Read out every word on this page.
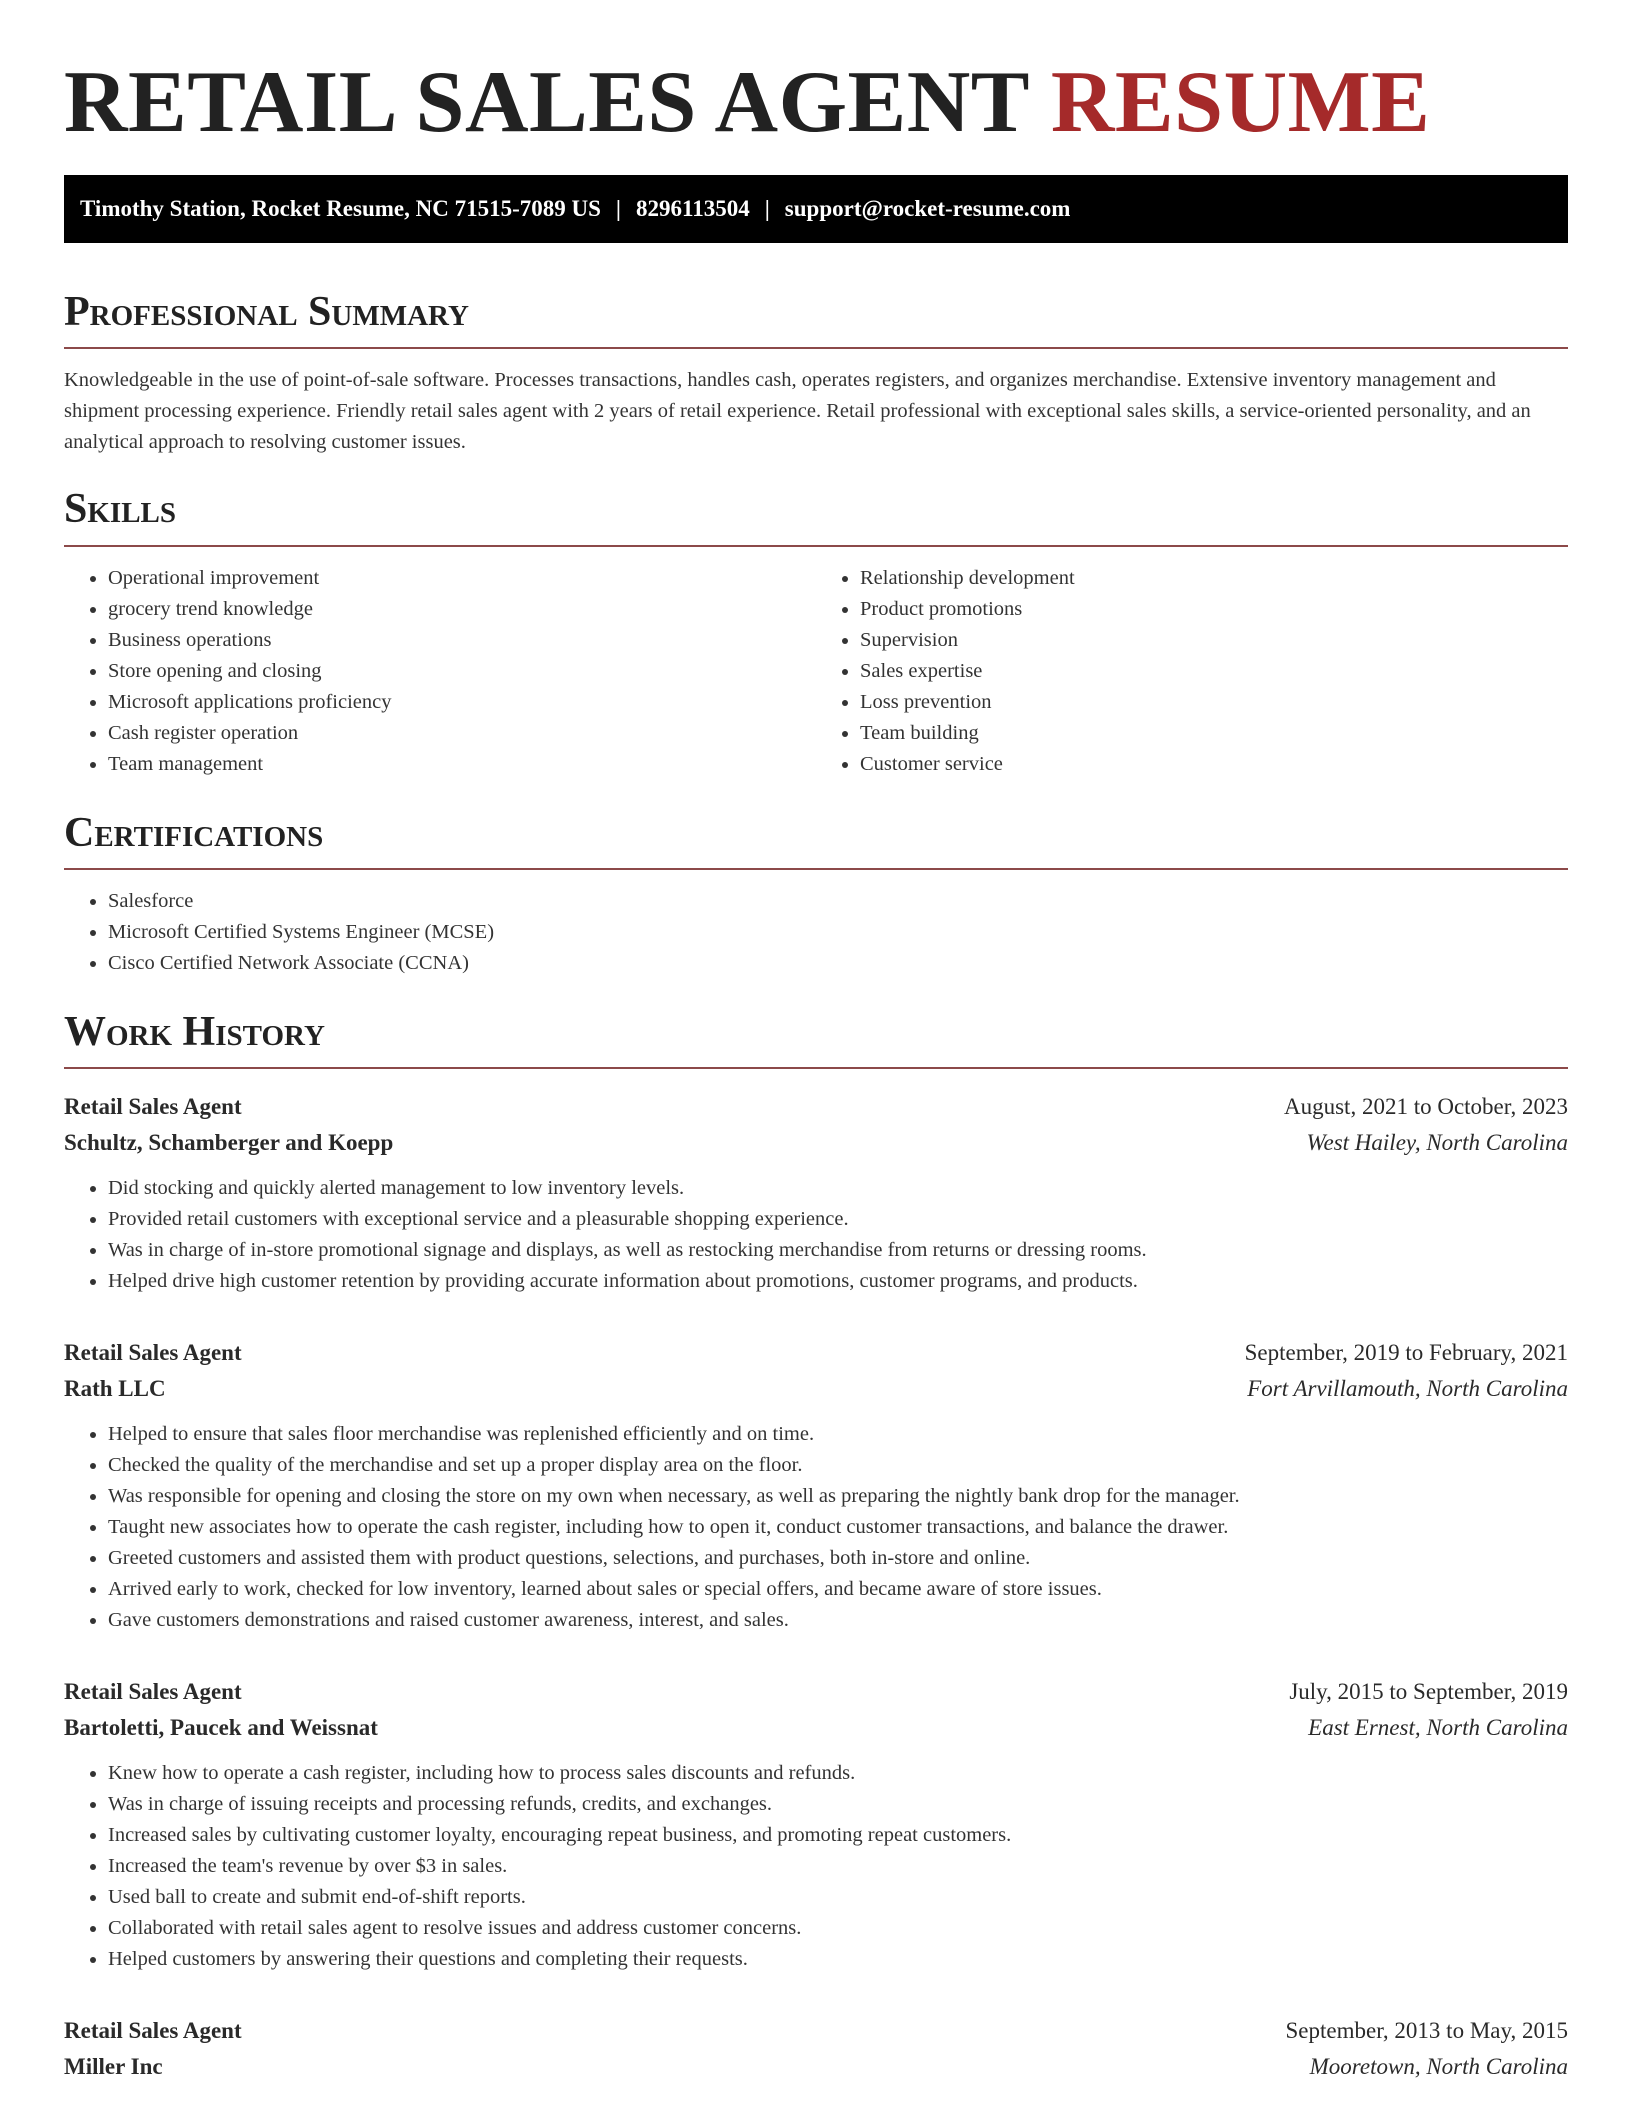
RETAIL SALES AGENT RESUME
Timothy Station, Rocket Resume, NC 71515-7089 US | 8296113504 | support@rocket-resume.com
Professional Summary

Knowledgeable in the use of point-of-sale software. Processes transactions, handles cash, operates registers, and organizes merchandise. Extensive inventory management and shipment processing experience. Friendly retail sales agent with 2 years of retail experience. Retail professional with exceptional sales skills, a service-oriented personality, and an analytical approach to resolving customer issues.

Skills
• Operational improvement
• grocery trend knowledge
• Business operations
• Store opening and closing
• Microsoft applications proficiency
• Cash register operation
• Team management
• Relationship development
• Product promotions
• Supervision
• Sales expertise
• Loss prevention
• Team building
• Customer service
Certifications
• Salesforce
• Microsoft Certified Systems Engineer (MCSE)
• Cisco Certified Network Associate (CCNA)
Work History
Retail Sales Agent	August, 2021 to October, 2023
Schultz, Schamberger and Koepp	West Hailey, North Carolina
• Did stocking and quickly alerted management to low inventory levels.
• Provided retail customers with exceptional service and a pleasurable shopping experience.
• Was in charge of in-store promotional signage and displays, as well as restocking merchandise from returns or dressing rooms.
• Helped drive high customer retention by providing accurate information about promotions, customer programs, and products.
Retail Sales Agent	September, 2019 to February, 2021
Rath LLC	Fort Arvillamouth, North Carolina
• Helped to ensure that sales floor merchandise was replenished efficiently and on time.
• Checked the quality of the merchandise and set up a proper display area on the floor.
• Was responsible for opening and closing the store on my own when necessary, as well as preparing the nightly bank drop for the manager.
• Taught new associates how to operate the cash register, including how to open it, conduct customer transactions, and balance the drawer.
• Greeted customers and assisted them with product questions, selections, and purchases, both in-store and online.
• Arrived early to work, checked for low inventory, learned about sales or special offers, and became aware of store issues.
• Gave customers demonstrations and raised customer awareness, interest, and sales.
Retail Sales Agent	July, 2015 to September, 2019
Bartoletti, Paucek and Weissnat	East Ernest, North Carolina
• Knew how to operate a cash register, including how to process sales discounts and refunds.
• Was in charge of issuing receipts and processing refunds, credits, and exchanges.
• Increased sales by cultivating customer loyalty, encouraging repeat business, and promoting repeat customers.
• Increased the team's revenue by over $3 in sales.
• Used ball to create and submit end-of-shift reports.
• Collaborated with retail sales agent to resolve issues and address customer concerns.
• Helped customers by answering their questions and completing their requests.
Retail Sales Agent	September, 2013 to May, 2015
Miller Inc	Mooretown, North Carolina
